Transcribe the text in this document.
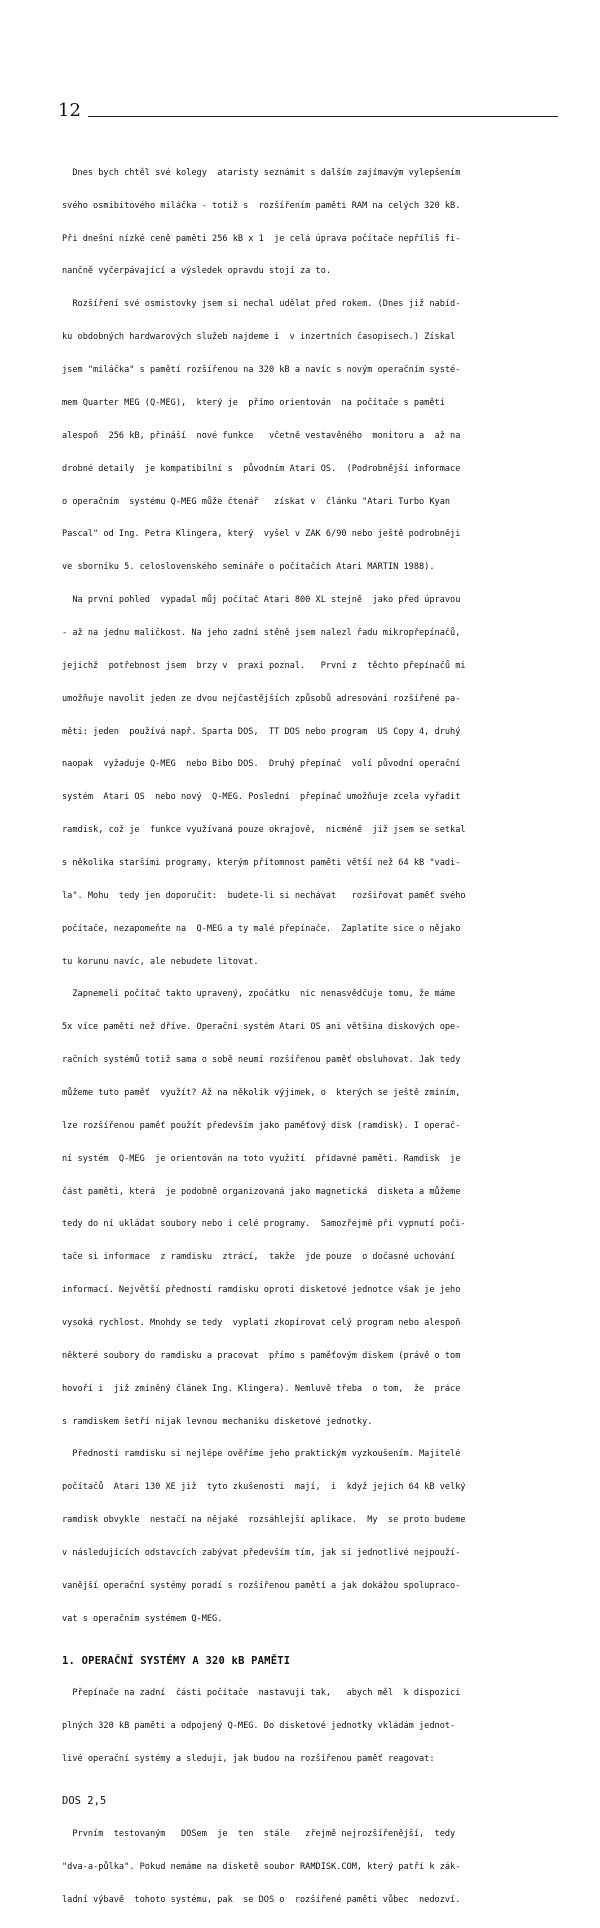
12

Dnes bych chtěl své kolegy  ataristy seznámit s dalším zajímavým vylepšením

svého osmibitového miláčka - totiž s  rozšířením paměti RAM na celých 320 kB.

Při dnešní nízké ceně paměti 256 kB x 1  je celá úprava počítače nepříliš fi-

nančně vyčerpávající a výsledek opravdu stojí za to.

Rozšíření své osmistovky jsem si nechal udělat před rokem. (Dnes již nabíd-

ku obdobných hardwarových služeb najdeme i  v inzertních časopisech.) Získal

jsem "miláčka" s pamětí rozšířenou na 320 kB a navíc s novým operačním systé-

mem Quarter MEG (Q-MEG),  který je  přímo orientován  na počítače s pamětí

alespoň  256 kB, přináší  nové funkce   včetně vestavěného  monitoru a  až na

drobné detaily  je kompatibilní s  původním Atari OS.  (Podrobnější informace

o operačním  systému Q-MEG může čtenář   získat v  článku "Atari Turbo Kyan

Pascal" od Ing. Petra Klingera, který  vyšel v ZAK 6/90 nebo ještě podrobněji

ve sborníku 5. celoslovenského semináře o počítačích Atari MARTIN 1988).

Na první pohled  vypadal můj počítač Atari 800 XL stejně  jako před úpravou

- až na jednu maličkost. Na jeho zadní stěně jsem nalezl řadu mikropřepínačů,

jejichž  potřebnost jsem  brzy v  praxi poznal.   První z  těchto přepínačů mi

umožňuje navolit jeden ze dvou nejčastějších způsobů adresování rozšířené pa-

měti: jeden  používá např. Sparta DOS,  TT DOS nebo program  US Copy 4, druhý

naopak  vyžaduje Q-MEG  nebo Bibo DOS.  Druhý přepínač  volí původní operační

systém  Atari OS  nebo nový  Q-MEG. Poslední  přepínač umožňuje zcela vyřadit

ramdisk, což je  funkce využívaná pouze okrajově,  nicméně  již jsem se setkal

s několika staršími programy, kterým přítomnost paměti větší než 64 kB "vadi-

la". Mohu  tedy jen doporučit:  budete-li si nechávat   rozšiřovat paměť svého

počítače, nezapomeňte na  Q-MEG a ty malé přepínače.  Zaplatíte sice o nějako

tu korunu navíc, ale nebudete litovat.

Zapnemeli počítač takto upravený, zpočátku  nic nenasvědčuje tomu, že máme

5x více paměti než dříve. Operační systém Atari OS ani většina diskových ope-

račních systémů totiž sama o sobě neumí rozšířenou paměť obsluhovat. Jak tedy

můžeme tuto paměť  využít? Až na několik výjimek, o  kterých se ještě zmíním,

lze rozšířenou paměť použít především jako paměťový disk (ramdisk). I operač-

ní systém  Q-MEG  je orientován na toto využití  přídavné paměti. Ramdisk  je

část paměti, která  je podobně organizovaná jako magnetická  disketa a můžeme

tedy do ní ukládat soubory nebo i celé programy.  Samozřejmě při vypnutí poči-

tače si informace  z ramdisku  ztrácí,  takže  jde pouze  o dočasné uchování

informací. Největší předností ramdisku oproti disketové jednotce však je jeho

vysoká rychlost. Mnohdy se tedy  vyplatí zkopírovat celý program nebo alespoň

některé soubory do ramdisku a pracovat  přímo s paměťovým diskem (právě o tom

hovoří i  již zmíněný článek Ing. Klingera). Nemluvě třeba  o tom,  že  práce

s ramdiskem šetří nijak levnou mechaniku disketové jednotky.

Předností ramdisku si nejlépe ověříme jeho praktickým vyzkoušením. Majitelé

počítačů  Atari 130 XE již  tyto zkušenosti  mají,  i  když jejich 64 kB velký

ramdisk obvykle  nestačí na nějaké  rozsáhlejší aplikace.  My  se proto budeme

v následujících odstavcích zabývat především tím, jak si jednotlivé nejpouží-

vanější operační systémy poradí s rozšířenou pamětí a jak dokážou spolupraco-

vat s operačním systémem Q-MEG.

1. OPERAČNÍ SYSTÉMY A 320 kB PAMĚTI

Přepínače na zadní  části počítače  nastavuji tak,   abych měl  k dispozici

plných 320 kB paměti a odpojený Q-MEG. Do disketové jednotky vkládám jednot-

livé operační systémy a sleduji, jak budou na rozšířenou paměť reagovat:

DOS 2,5

Prvním  testovaným   DOSem  je  ten  stále   zřejmě nejrozšířenější,  tedy

"dva-a-půlka". Pokud nemáme na disketě soubor RAMDISK.COM, který patří k zák-

ladní výbavě  tohoto systému, pak  se DOS o  rozšířené paměti vůbec  nedozví.
